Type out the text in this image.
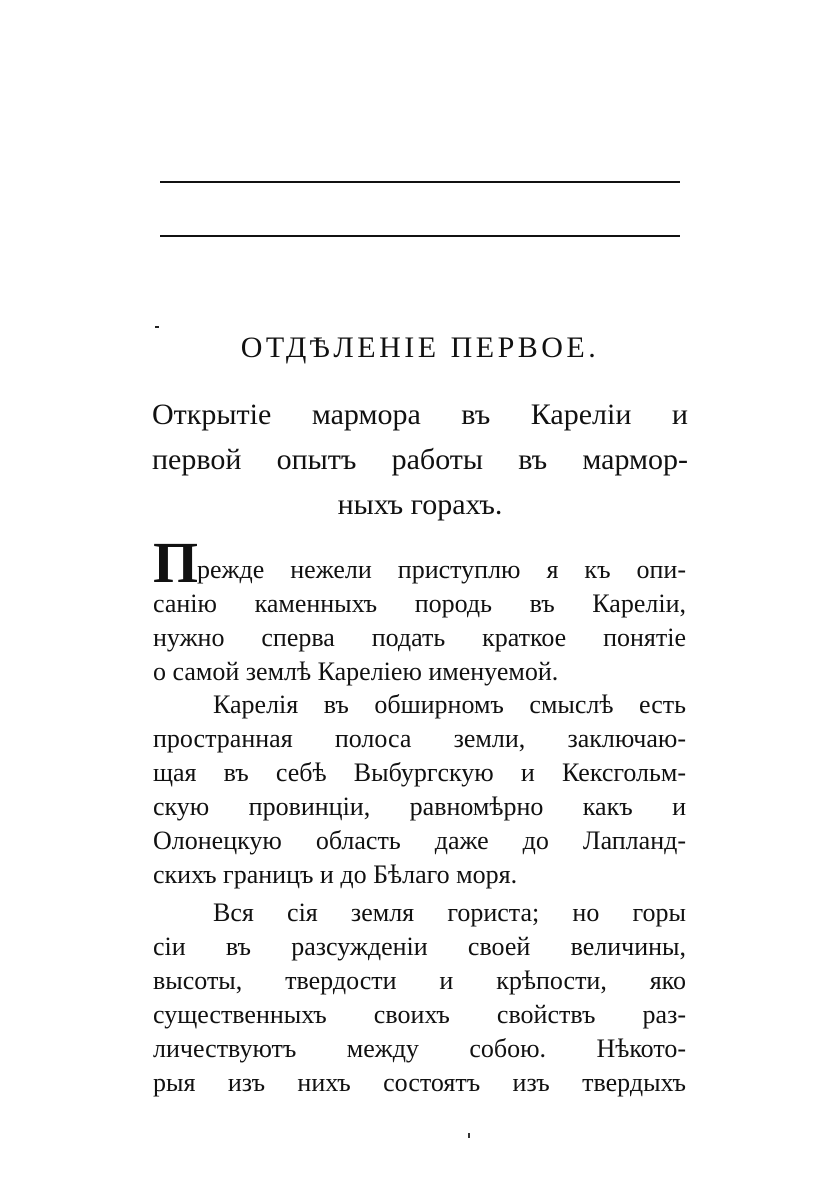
ОТДѢЛЕНІЕ ПЕРВОЕ.
Открытіе мармора въ Кареліи и
первой опытъ работы въ мармор-
ныхъ горахъ.
П
режде нежели приступлю я къ опи-
санію каменныхъ породь въ Кареліи,
нужно сперва подать краткое понятіе
о самой землѣ Кареліею именуемой.
Карелія въ обширномъ смыслѣ есть
пространная полоса земли, заключаю-
щая въ себѣ Выбургскую и Кексгольм-
скую провинціи, равномѣрно какъ и
Олонецкую область даже до Лапланд-
скихъ границъ и до Бѣлаго моря.
Вся сія земля гориста; но горы
сіи въ разсужденіи своей величины,
высоты, твердости и крѣпости, яко
существенныхъ своихъ свойствъ раз-
личествуютъ между собою. Нѣкото-
рыя изъ нихъ состоятъ изъ твердыхъ
